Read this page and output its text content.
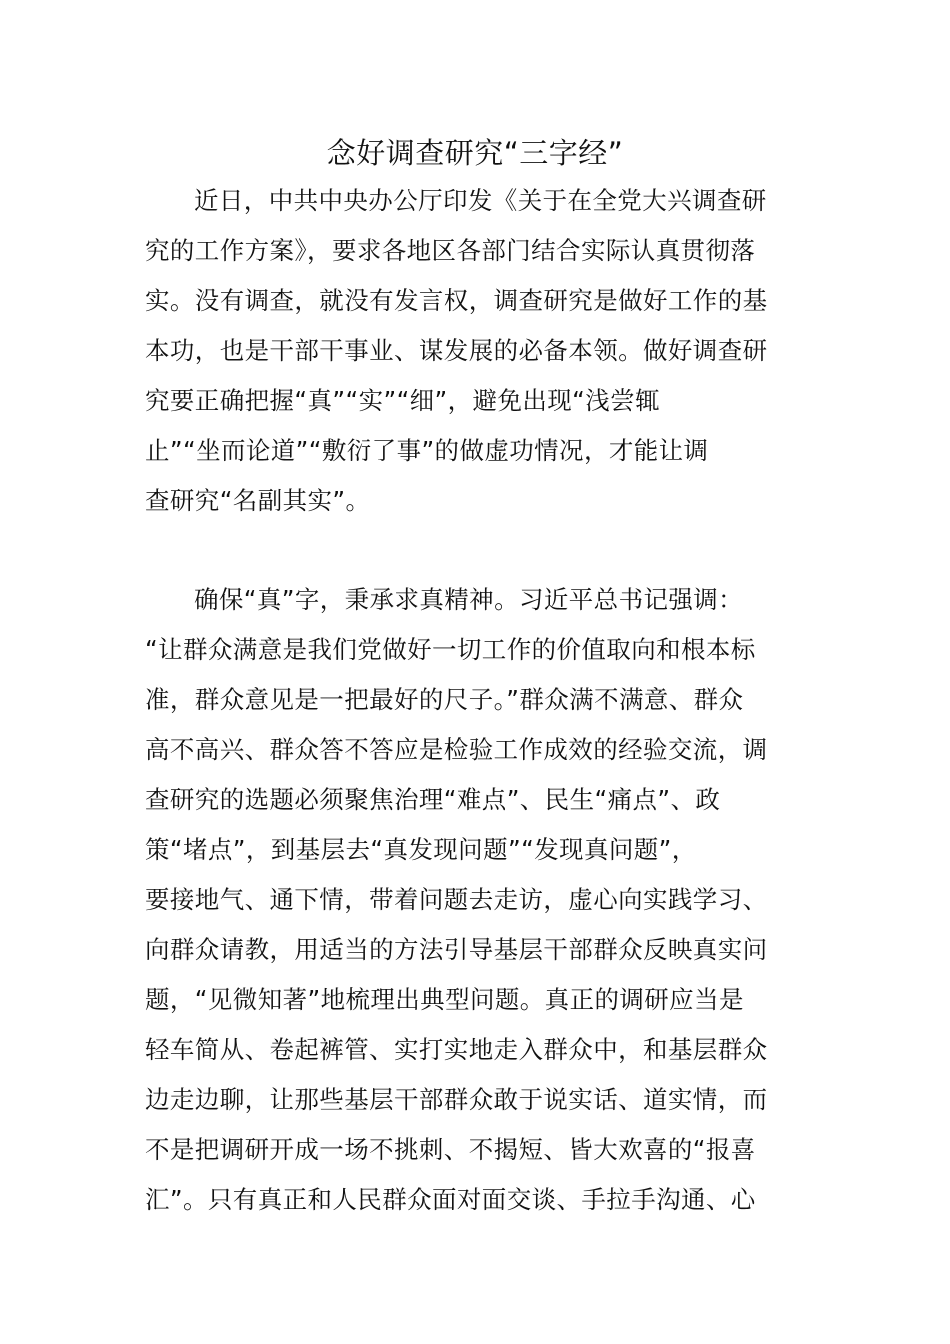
念好调查研究“三字经”
近日，中共中央办公厅印发《关于在全党大兴调查研
究的工作方案》，要求各地区各部门结合实际认真贯彻落
实。没有调查，就没有发言权，调查研究是做好工作的基
本功，也是干部干事业、谋发展的必备本领。做好调查研
究要正确把握“真”“实”“细”，避免出现“浅尝辄
止”“坐而论道”“敷衍了事”的做虚功情况，才能让调
查研究“名副其实”。
确保“真”字，秉承求真精神。习近平总书记强调：
“让群众满意是我们党做好一切工作的价值取向和根本标
准，群众意见是一把最好的尺子。”群众满不满意、群众
高不高兴、群众答不答应是检验工作成效的经验交流，调
查研究的选题必须聚焦治理“难点”、民生“痛点”、政
策“堵点”，到基层去“真发现问题”“发现真问题”，
要接地气、通下情，带着问题去走访，虚心向实践学习、
向群众请教，用适当的方法引导基层干部群众反映真实问
题，“见微知著”地梳理出典型问题。真正的调研应当是
轻车简从、卷起裤管、实打实地走入群众中，和基层群众
边走边聊，让那些基层干部群众敢于说实话、道实情，而
不是把调研开成一场不挑刺、不揭短、皆大欢喜的“报喜
汇”。只有真正和人民群众面对面交谈、手拉手沟通、心
